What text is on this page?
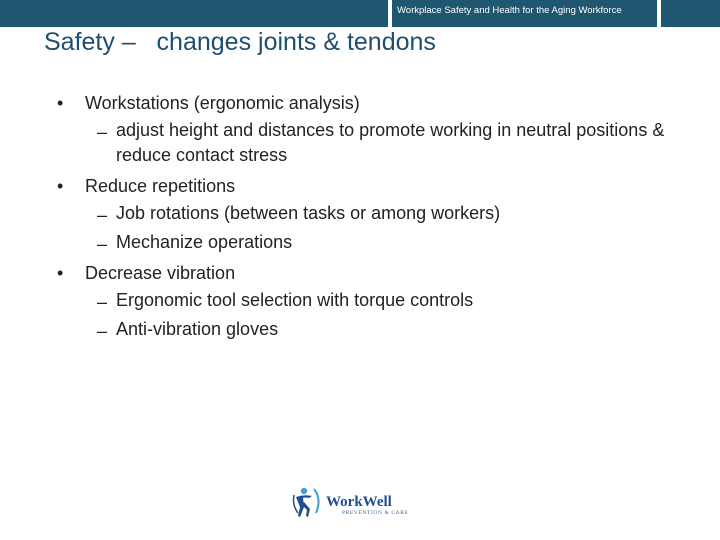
Workplace Safety and Health for the Aging Workforce
Safety –   changes joints & tendons
• Workstations (ergonomic analysis)
– adjust height and distances to promote working in neutral positions & reduce contact stress
• Reduce repetitions
– Job rotations (between tasks or among workers)
– Mechanize operations
• Decrease vibration
– Ergonomic tool selection with torque controls
– Anti-vibration gloves
WorkWell
PREVENTION & CARE
